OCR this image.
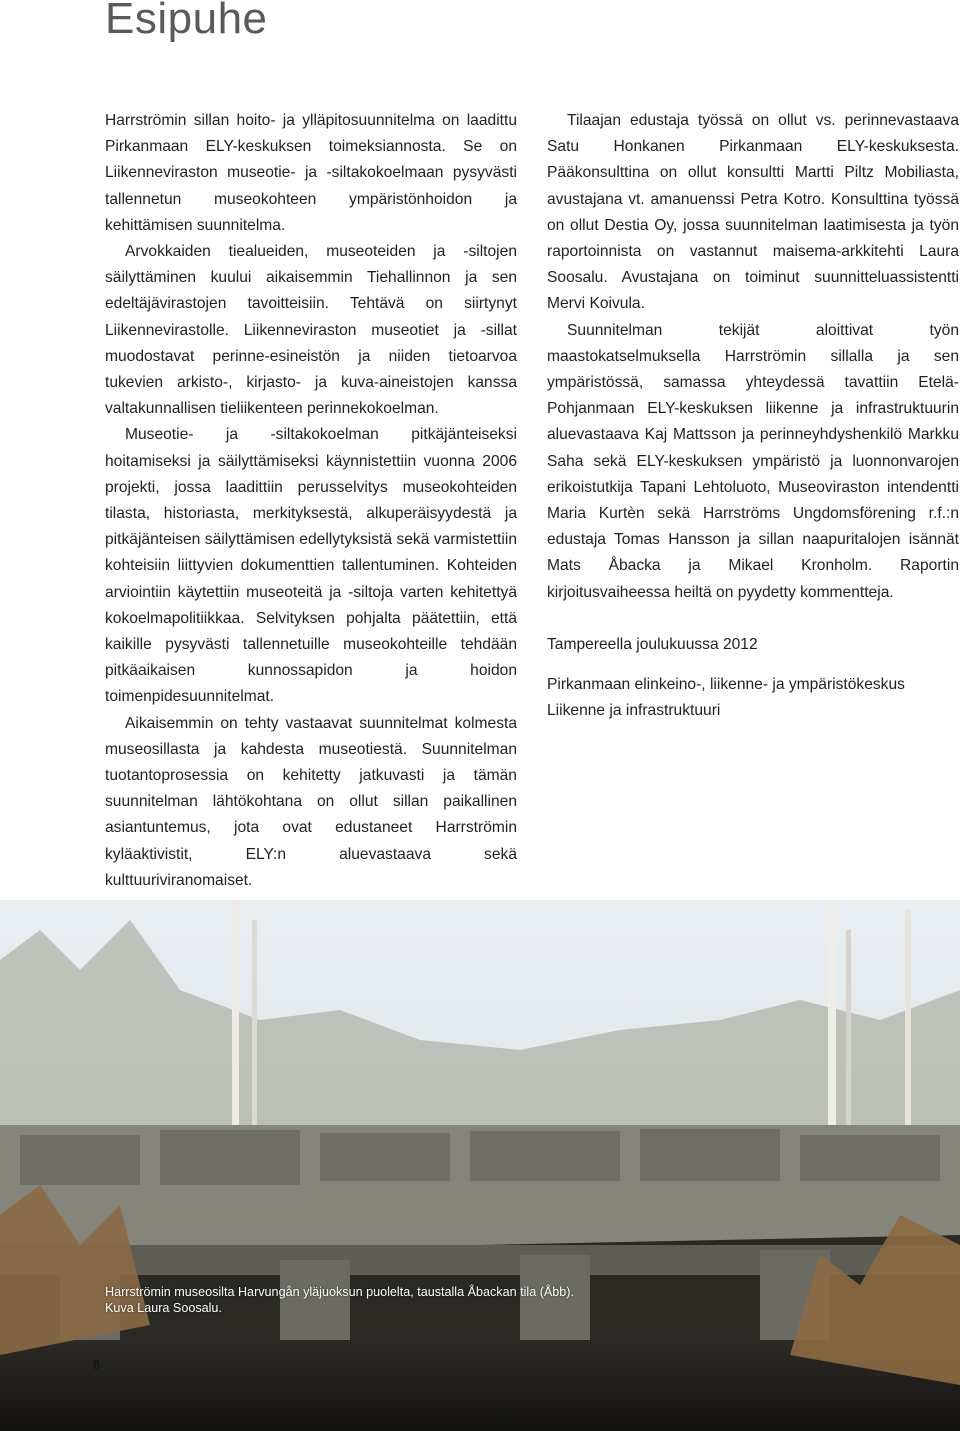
Esipuhe

Harrströmin sillan hoito- ja ylläpitosuunnitelma on laadittu Pirkanmaan ELY-keskuksen toimeksiannosta. Se on Liikenneviraston museotie- ja -siltakokoelmaan pysyvästi tallennetun museokohteen ympäristönhoidon ja kehittämisen suunnitelma.

Arvokkaiden tiealueiden, museoteiden ja -siltojen säilyttäminen kuului aikaisemmin Tiehallinnon ja sen edeltäjävirastojen tavoitteisiin. Tehtävä on siirtynyt Liikennevirastolle. Liikenneviraston museotiet ja -sillat muodostavat perinne-esineistön ja niiden tietoarvoa tukevien arkisto-, kirjasto- ja kuva-aineistojen kanssa valtakunnallisen tieliikenteen perinnekokoelman.

Museotie- ja -siltakokoelman pitkäjänteiseksi hoitamiseksi ja säilyttämiseksi käynnistettiin vuonna 2006 projekti, jossa laadittiin perusselvitys museokohteiden tilasta, historiasta, merkityksestä, alkuperäisyydestä ja pitkäjänteisen säilyttämisen edellytyksistä sekä varmistettiin kohteisiin liittyvien dokumenttien tallentuminen. Kohteiden arviointiin käytettiin museoteitä ja -siltoja varten kehitettyä kokoelmapolitiikkaa. Selvityksen pohjalta päätettiin, että kaikille pysyvästi tallennetuille museokohteille tehdään pitkäaikaisen kunnossapidon ja hoidon toimenpidesuunnitelmat.

Aikaisemmin on tehty vastaavat suunnitelmat kolmesta museosillasta ja kahdesta museotiestä. Suunnitelman tuotantoprosessia on kehitetty jatkuvasti ja tämän suunnitelman lähtökohtana on ollut sillan paikallinen asiantuntemus, jota ovat edustaneet Harrströmin kyläaktivistit, ELY:n aluevastaava sekä kulttuuriviranomaiset.

Tilaajan edustaja työssä on ollut vs. perinnevastaava Satu Honkanen Pirkanmaan ELY-keskuksesta. Pääkonsulttina on ollut konsultti Martti Piltz Mobiliasta, avustajana vt. amanuenssi Petra Kotro. Konsulttina työssä on ollut Destia Oy, jossa suunnitelman laatimisesta ja työn raportoinnista on vastannut maisema-arkkitehti Laura Soosalu. Avustajana on toiminut suunnitteluassistentti Mervi Koivula.

Suunnitelman tekijät aloittivat työn maastokatselmuksella Harrströmin sillalla ja sen ympäristössä, samassa yhteydessä tavattiin Etelä-Pohjanmaan ELY-keskuksen liikenne ja infrastruktuurin aluevastaava Kaj Mattsson ja perinneyhdyshenkilö Markku Saha sekä ELY-keskuksen ympäristö ja luonnonvarojen erikoistutkija Tapani Lehtoluoto, Museoviraston intendentti Maria Kurtèn sekä Harrströms Ungdomsförening r.f.:n edustaja Tomas Hansson ja sillan naapuritalojen isännät Mats Åbacka ja Mikael Kronholm. Raportin kirjoitusvaiheessa heiltä on pyydetty kommentteja.

Tampereella joulukuussa 2012

Pirkanmaan elinkeino-, liikenne- ja ympäristökeskus

Liikenne ja infrastruktuuri

Harrströmin museosilta Harvungån yläjuoksun puolelta, taustalla Åbackan tila (Åbb).
Kuva Laura Soosalu.
8
